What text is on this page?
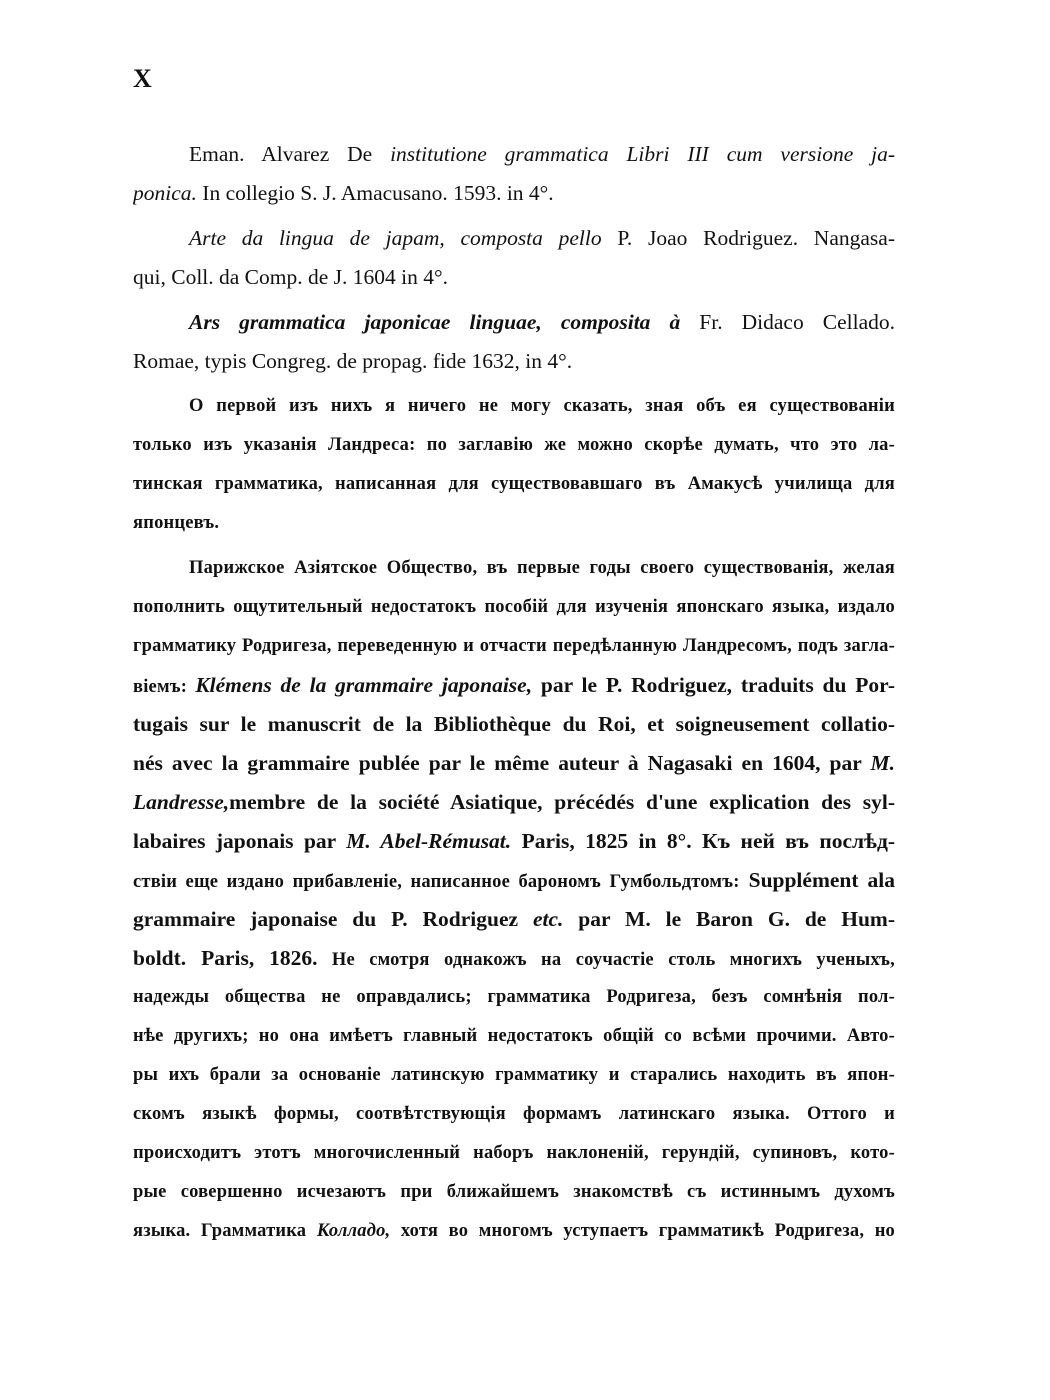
X
Eman. Alvarez De institutione grammatica Libri III cum versione ja-
ponica. In collegio S. J. Amacusano. 1593. in 4°.
Arte da lingua de japam, composta pello P. Joao Rodriguez. Nangasa-
qui, Coll. da Comp. de J. 1604 in 4°.
Ars grammatica japonicae linguae, composita à Fr. Didaco Cellado.
Romae, typis Congreg. de propag. fide 1632, in 4°.
О первой изъ нихъ я ничего не могу сказать, зная объ ея существованіи
только изъ указанія Ландреса: по заглавію же можно скорѣе думать, что это ла-
тинская грамматика, написанная для существовавшаго въ Амакусѣ училища для
японцевъ.
Парижское Азіятское Общество, въ первые годы своего существованія, желая
пополнить ощутительный недостатокъ пособій для изученія японскаго языка, издало
грамматику Родригеза, переведенную и отчасти передѣланную Ландресомъ, подъ загла-
віемъ: Klémens de la grammaire japonaise, par le P. Rodriguez, traduits du Por-
tugais sur le manuscrit de la Bibliothèque du Roi, et soigneusement collatio-
nés avec la grammaire publée par le même auteur à Nagasaki en 1604, par M.
Landresse,membre de la société Asiatique, précédés d'une explication des syl-
labaires japonais par M. Abel-Rémusat. Paris, 1825 in 8°. Къ ней въ послѣд-
ствіи еще издано прибавленіе, написанное барономъ Гумбольдтомъ: Supplément ala
grammaire japonaise du P. Rodriguez etc. par M. le Baron G. de Hum-
boldt. Paris, 1826. Не смотря однакожъ на соучастіе столь многихъ ученыхъ,
надежды общества не оправдались; грамматика Родригеза, безъ сомнѣнія пол-
нѣе другихъ; но она имѣетъ главный недостатокъ общій со всѣми прочими. Авто-
ры ихъ брали за основаніе латинскую грамматику и старались находить въ япон-
скомъ языкѣ формы, соотвѣтствующія формамъ латинскаго языка. Оттого и
происходитъ этотъ многочисленный наборъ наклоненій, герундій, супиновъ, кото-
рые совершенно исчезаютъ при ближайшемъ знакомствѣ съ истиннымъ духомъ
языка. Грамматика Колладо, хотя во многомъ уступаетъ грамматикѣ Родригеза, но
